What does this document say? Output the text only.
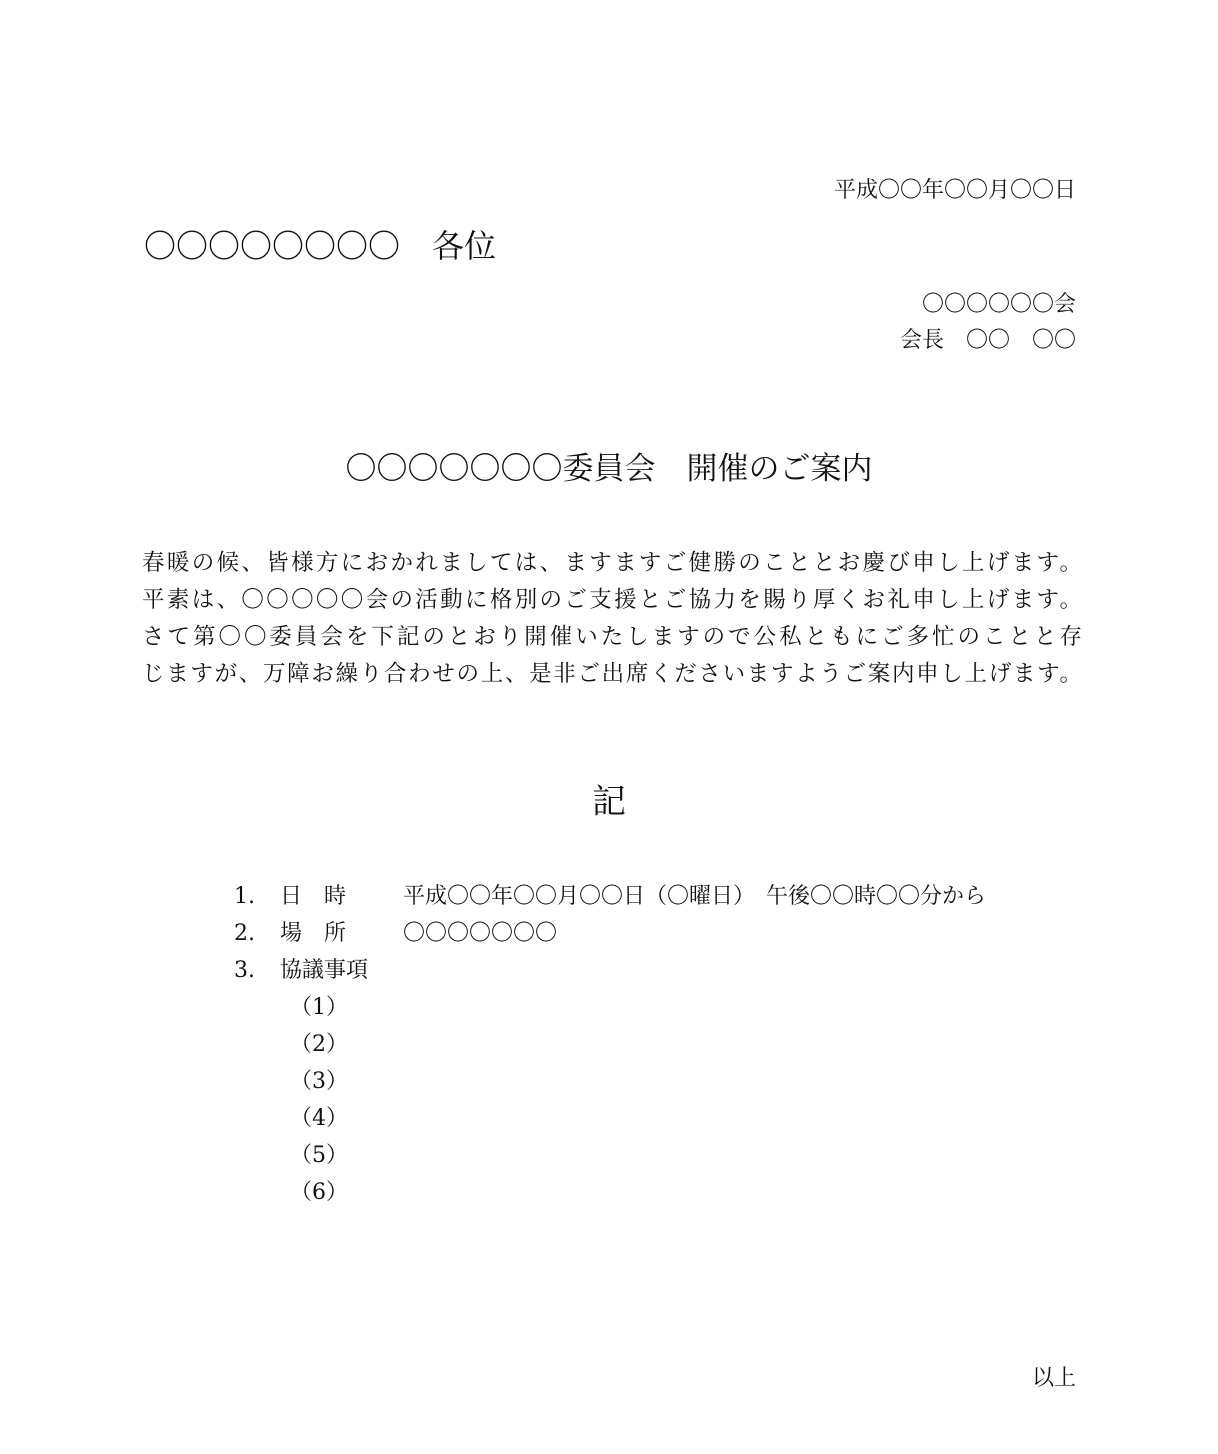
平成〇〇年〇〇月〇〇日
〇〇〇〇〇〇〇〇　各位
〇〇〇〇〇〇会
会長　〇〇　〇〇
〇〇〇〇〇〇〇委員会　開催のご案内
春暖の候、皆様方におかれましては、ますますご健勝のこととお慶び申し上げます。
平素は、〇〇〇〇〇会の活動に格別のご支援とご協力を賜り厚くお礼申し上げます。
さて第〇〇委員会を下記のとおり開催いたしますので公私ともにご多忙のことと存
じますが、万障お繰り合わせの上、是非ご出席くださいますようご案内申し上げます。
記
1. 日　時	平成〇〇年〇〇月〇〇日（〇曜日）　午後〇〇時〇〇分から
2. 場　所	〇〇〇〇〇〇〇
3. 協議事項
（1）
（2）
（3）
（4）
（5）
（6）
以上
